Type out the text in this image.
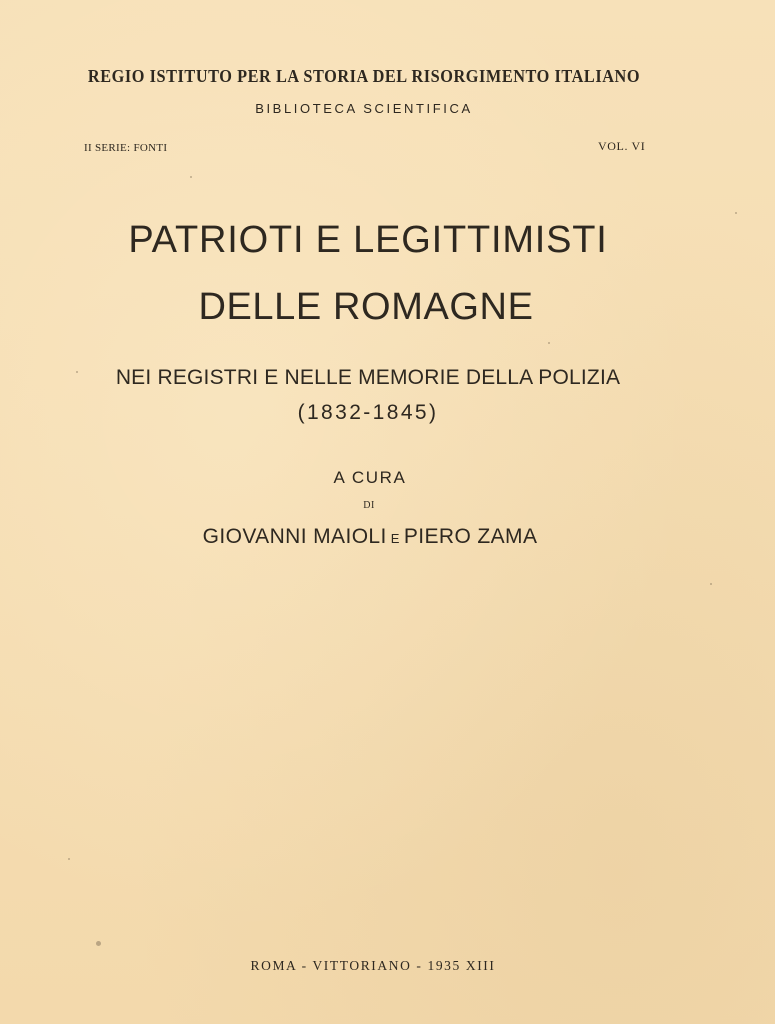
REGIO ISTITUTO PER LA STORIA DEL RISORGIMENTO ITALIANO
BIBLIOTECA SCIENTIFICA
II SERIE: FONTI	VOL. VI
PATRIOTI E LEGITTIMISTI
DELLE ROMAGNE
NEI REGISTRI E NELLE MEMORIE DELLA POLIZIA
(1832-1845)
A CURA
DI
GIOVANNI MAIOLI E PIERO ZAMA
ROMA - VITTORIANO - 1935 XIII
